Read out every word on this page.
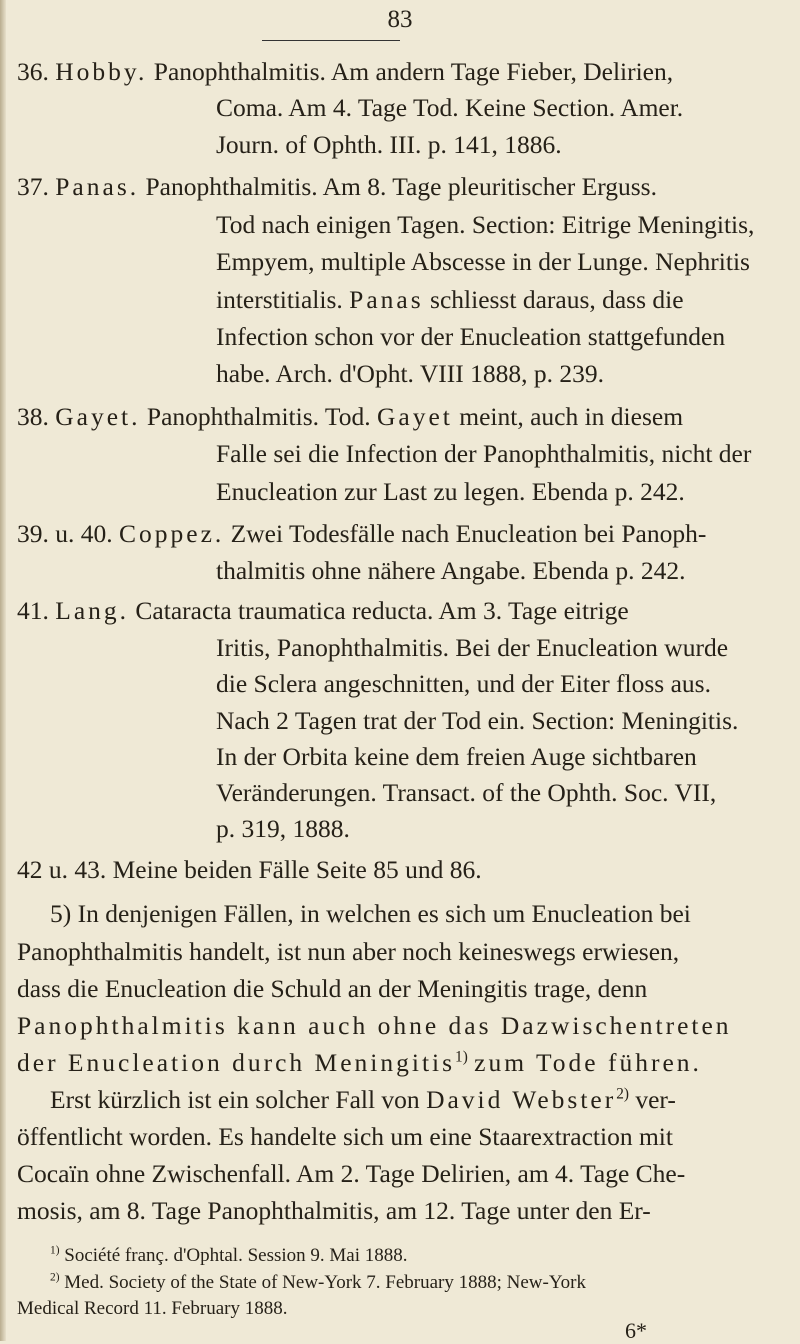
83
36. Hobby. Panophthalmitis. Am andern Tage Fieber, Delirien,
Coma. Am 4. Tage Tod. Keine Section. Amer.
Journ. of Ophth. III. p. 141, 1886.
37. Panas. Panophthalmitis. Am 8. Tage pleuritischer Erguss.
Tod nach einigen Tagen. Section: Eitrige Meningitis,
Empyem, multiple Abscesse in der Lunge. Nephritis
interstitialis. Panas schliesst daraus, dass die
Infection schon vor der Enucleation stattgefunden
habe. Arch. d'Opht. VIII 1888, p. 239.
38. Gayet. Panophthalmitis. Tod. Gayet meint, auch in diesem
Falle sei die Infection der Panophthalmitis, nicht der
Enucleation zur Last zu legen. Ebenda p. 242.
39. u. 40. Coppez. Zwei Todesfälle nach Enucleation bei Panoph-
thalmitis ohne nähere Angabe. Ebenda p. 242.
41. Lang. Cataracta traumatica reducta. Am 3. Tage eitrige
Iritis, Panophthalmitis. Bei der Enucleation wurde
die Sclera angeschnitten, und der Eiter floss aus.
Nach 2 Tagen trat der Tod ein. Section: Meningitis.
In der Orbita keine dem freien Auge sichtbaren
Veränderungen. Transact. of the Ophth. Soc. VII,
p. 319, 1888.
42 u. 43. Meine beiden Fälle Seite 85 und 86.
5) In denjenigen Fällen, in welchen es sich um Enucleation bei
Panophthalmitis handelt, ist nun aber noch keineswegs erwiesen,
dass die Enucleation die Schuld an der Meningitis trage, denn
Panophthalmitis kann auch ohne das Dazwischentreten
der Enucleation durch Meningitis$^{1)}$ zum Tode führen.
Erst kürzlich ist ein solcher Fall von David Webster$^{2)}$ ver-
öffentlicht worden. Es handelte sich um eine Staarextraction mit
Cocaïn ohne Zwischenfall. Am 2. Tage Delirien, am 4. Tage Che-
mosis, am 8. Tage Panophthalmitis, am 12. Tage unter den Er-
$^{1)}$ Société franç. d'Ophtal. Session 9. Mai 1888.
$^{2)}$ Med. Society of the State of New-York 7. February 1888; New-York
Medical Record 11. February 1888.
6*
